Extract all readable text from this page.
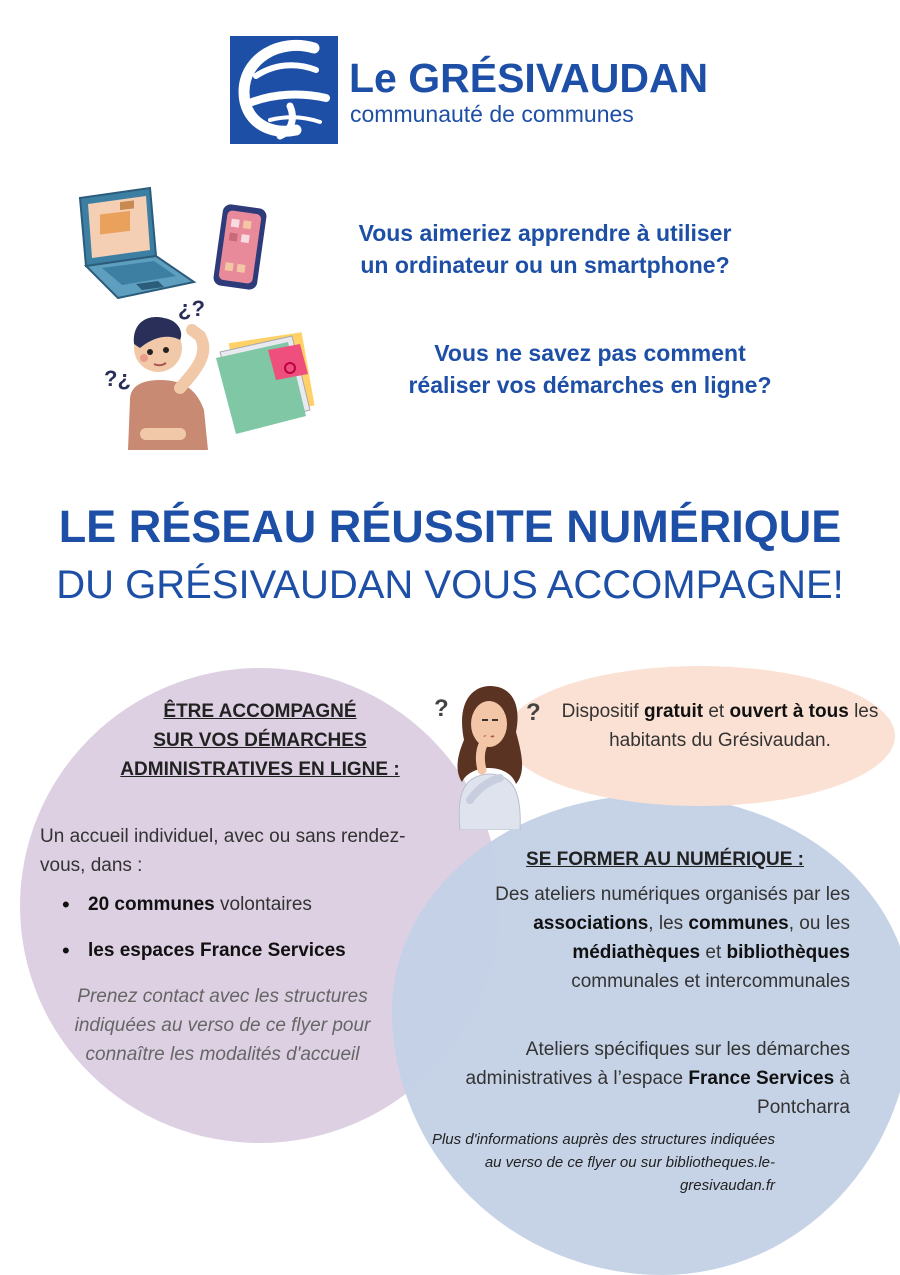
Le GRÉSIVAUDAN
communauté de communes
¿?
?¿
Vous aimeriez apprendre à utiliser
un ordinateur ou un smartphone?
Vous ne savez pas comment
réaliser vos démarches en ligne?
LE RÉSEAU RÉUSSITE NUMÉRIQUE
DU GRÉSIVAUDAN VOUS ACCOMPAGNE!
?	?
ÊTRE ACCOMPAGNÉ
SUR VOS DÉMARCHES
ADMINISTRATIVES EN LIGNE :
Un accueil individuel, avec ou sans rendez-vous, dans :
• 20 communes volontaires
• les espaces France Services
Prenez contact avec les structures indiquées au verso de ce flyer pour connaître les modalités d'accueil
Dispositif gratuit et ouvert à tous les habitants du Grésivaudan.
SE FORMER AU NUMÉRIQUE :
Des ateliers numériques organisés par les associations, les communes, ou les médiathèques et bibliothèques communales et intercommunales
Ateliers spécifiques sur les démarches administratives à l’espace France Services à Pontcharra
Plus d'informations auprès des structures indiquées au verso de ce flyer ou sur bibliotheques.le-gresivaudan.fr
